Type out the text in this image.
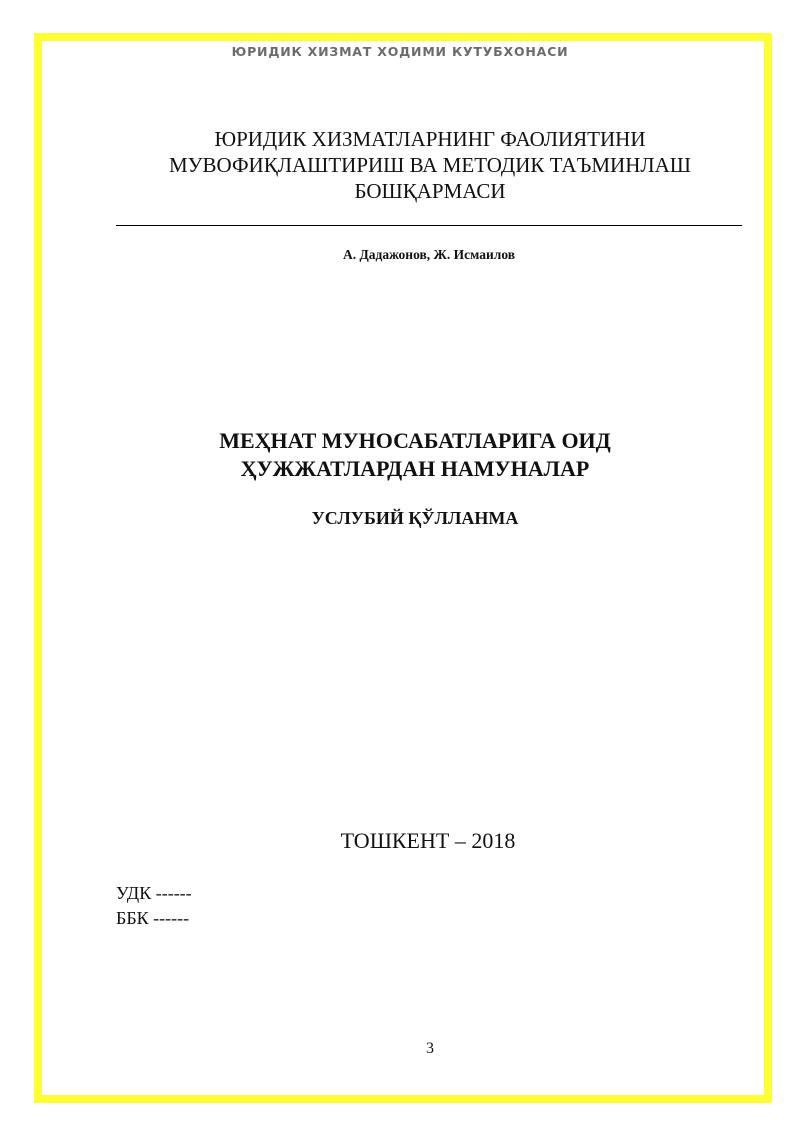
ЮРИДИК ХИЗМАТ ХОДИМИ КУТУБХОНАСИ
ЮРИДИК ХИЗМАТЛАРНИНГ ФАОЛИЯТИНИ
МУВОФИҚЛАШТИРИШ ВА МЕТОДИК ТАЪМИНЛАШ
БОШҚАРМАСИ
А. Дадажонов, Ж. Исмаилов
МЕҲНАТ МУНОСАБАТЛАРИГА ОИД
ҲУЖЖАТЛАРДАН НАМУНАЛАР
УСЛУБИЙ ҚЎЛЛАНМА
ТОШКЕНТ – 2018
УДК ------
ББК ------
3
